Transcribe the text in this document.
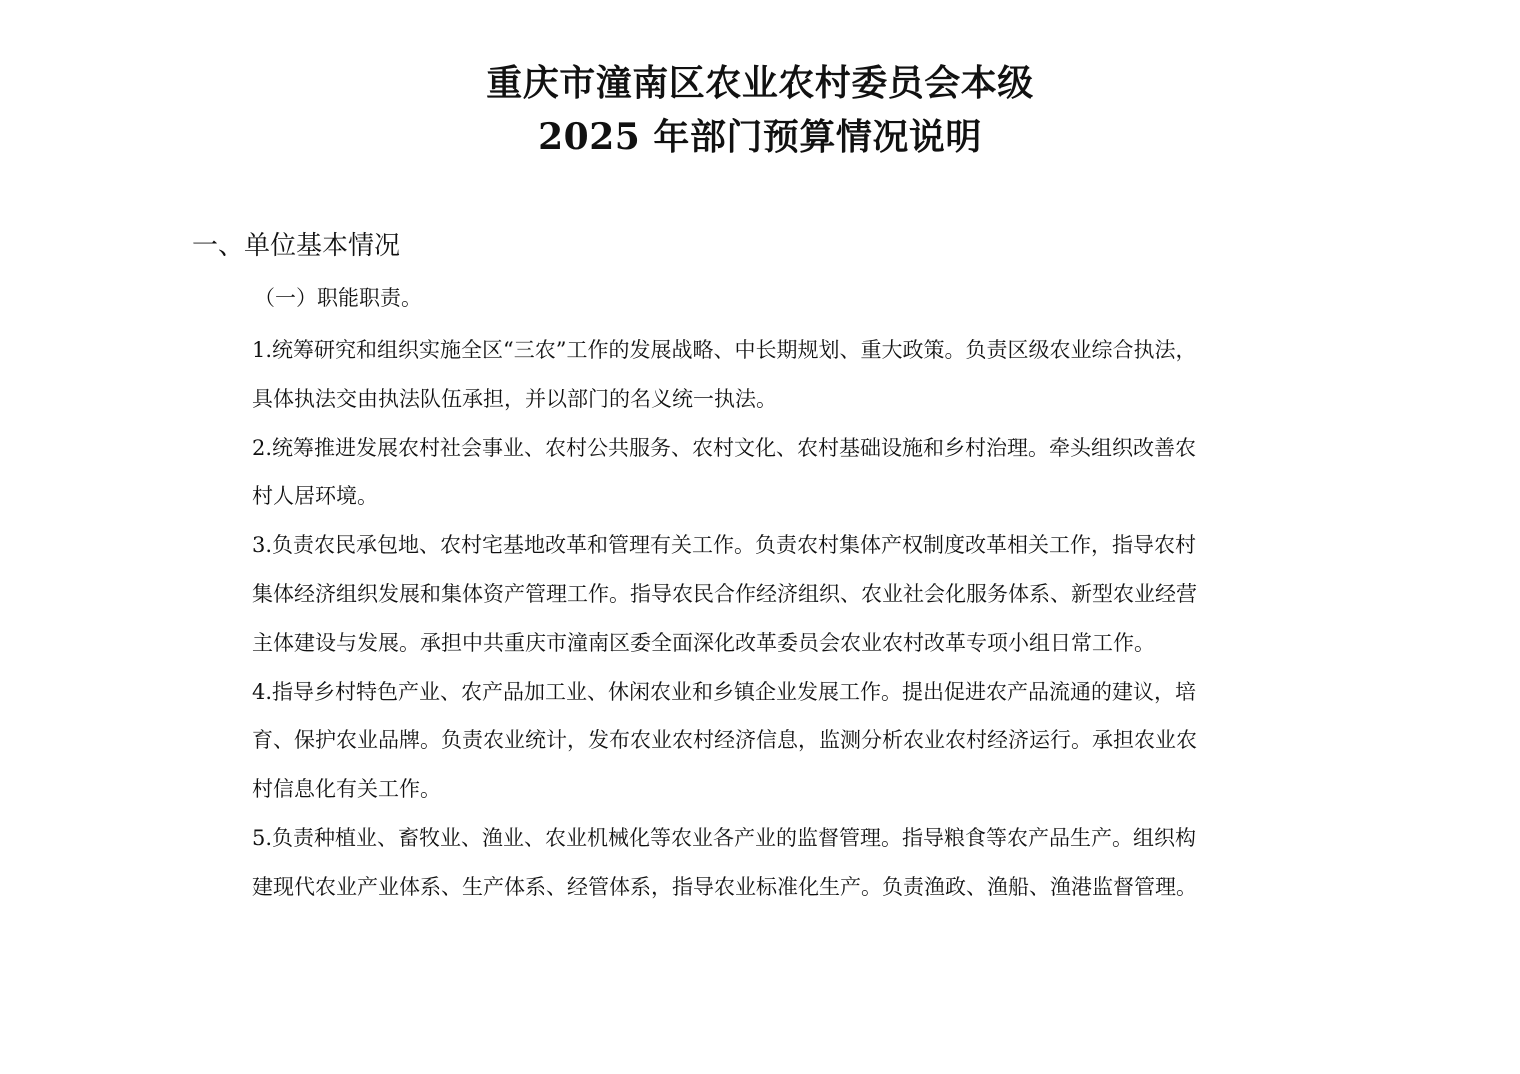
重庆市潼南区农业农村委员会本级
2025 年部门预算情况说明
一、单位基本情况
（一）职能职责。
1.统筹研究和组织实施全区“三农”工作的发展战略、中长期规划、重大政策。负责区级农业综合执法，
具体执法交由执法队伍承担，并以部门的名义统一执法。
2.统筹推进发展农村社会事业、农村公共服务、农村文化、农村基础设施和乡村治理。牵头组织改善农
村人居环境。
3.负责农民承包地、农村宅基地改革和管理有关工作。负责农村集体产权制度改革相关工作，指导农村
集体经济组织发展和集体资产管理工作。指导农民合作经济组织、农业社会化服务体系、新型农业经营
主体建设与发展。承担中共重庆市潼南区委全面深化改革委员会农业农村改革专项小组日常工作。
4.指导乡村特色产业、农产品加工业、休闲农业和乡镇企业发展工作。提出促进农产品流通的建议，培
育、保护农业品牌。负责农业统计，发布农业农村经济信息，监测分析农业农村经济运行。承担农业农
村信息化有关工作。
5.负责种植业、畜牧业、渔业、农业机械化等农业各产业的监督管理。指导粮食等农产品生产。组织构
建现代农业产业体系、生产体系、经管体系，指导农业标准化生产。负责渔政、渔船、渔港监督管理。
